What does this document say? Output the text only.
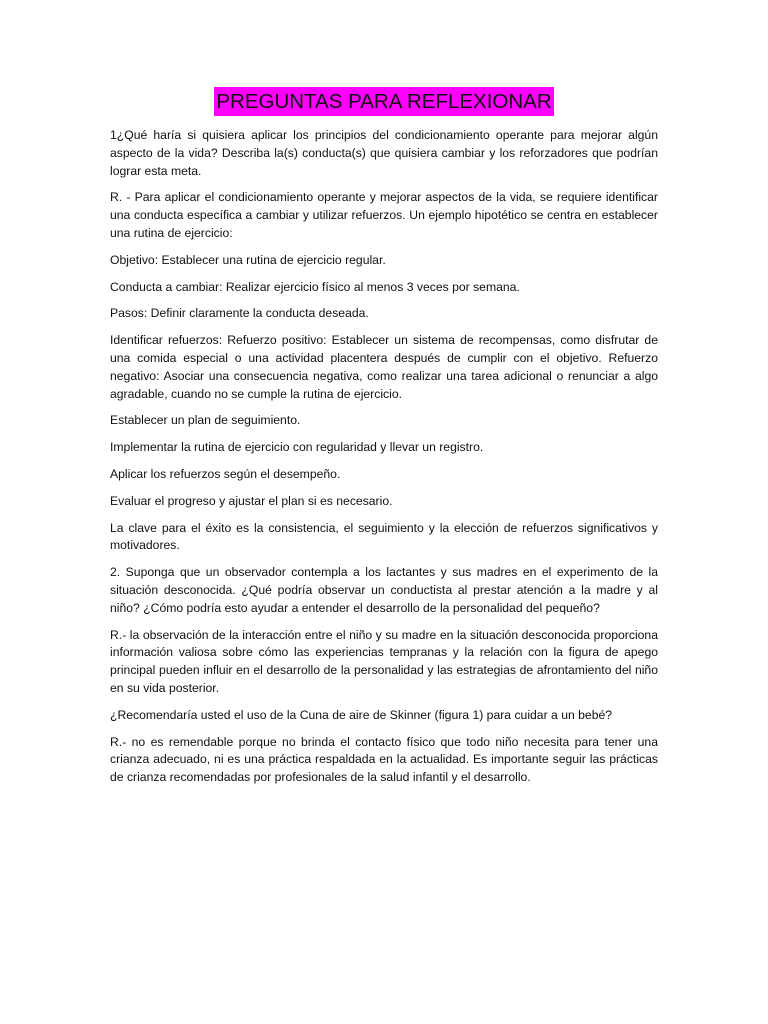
PREGUNTAS PARA REFLEXIONAR

1¿Qué haría si quisiera aplicar los principios del condicionamiento operante para mejorar algún aspecto de la vida? Describa la(s) conducta(s) que quisiera cambiar y los reforzadores que podrían lograr esta meta.

R. - Para aplicar el condicionamiento operante y mejorar aspectos de la vida, se requiere identificar una conducta específica a cambiar y utilizar refuerzos. Un ejemplo hipotético se centra en establecer una rutina de ejercicio:

Objetivo: Establecer una rutina de ejercicio regular.

Conducta a cambiar: Realizar ejercicio físico al menos 3 veces por semana.

Pasos: Definir claramente la conducta deseada.

Identificar refuerzos: Refuerzo positivo: Establecer un sistema de recompensas, como disfrutar de una comida especial o una actividad placentera después de cumplir con el objetivo. Refuerzo negativo: Asociar una consecuencia negativa, como realizar una tarea adicional o renunciar a algo agradable, cuando no se cumple la rutina de ejercicio.

Establecer un plan de seguimiento.

Implementar la rutina de ejercicio con regularidad y llevar un registro.

Aplicar los refuerzos según el desempeño.

Evaluar el progreso y ajustar el plan si es necesario.

La clave para el éxito es la consistencia, el seguimiento y la elección de refuerzos significativos y motivadores.

2. Suponga que un observador contempla a los lactantes y sus madres en el experimento de la situación desconocida. ¿Qué podría observar un conductista al prestar atención a la madre y al niño? ¿Cómo podría esto ayudar a entender el desarrollo de la personalidad del pequeño?

R.- la observación de la interacción entre el niño y su madre en la situación desconocida proporciona información valiosa sobre cómo las experiencias tempranas y la relación con la figura de apego principal pueden influir en el desarrollo de la personalidad y las estrategias de afrontamiento del niño en su vida posterior.

¿Recomendaría usted el uso de la Cuna de aire de Skinner (figura 1) para cuidar a un bebé?

R.- no es remendable porque no brinda el contacto físico que todo niño necesita para tener una crianza adecuado, ni es una práctica respaldada en la actualidad. Es importante seguir las prácticas de crianza recomendadas por profesionales de la salud infantil y el desarrollo.
